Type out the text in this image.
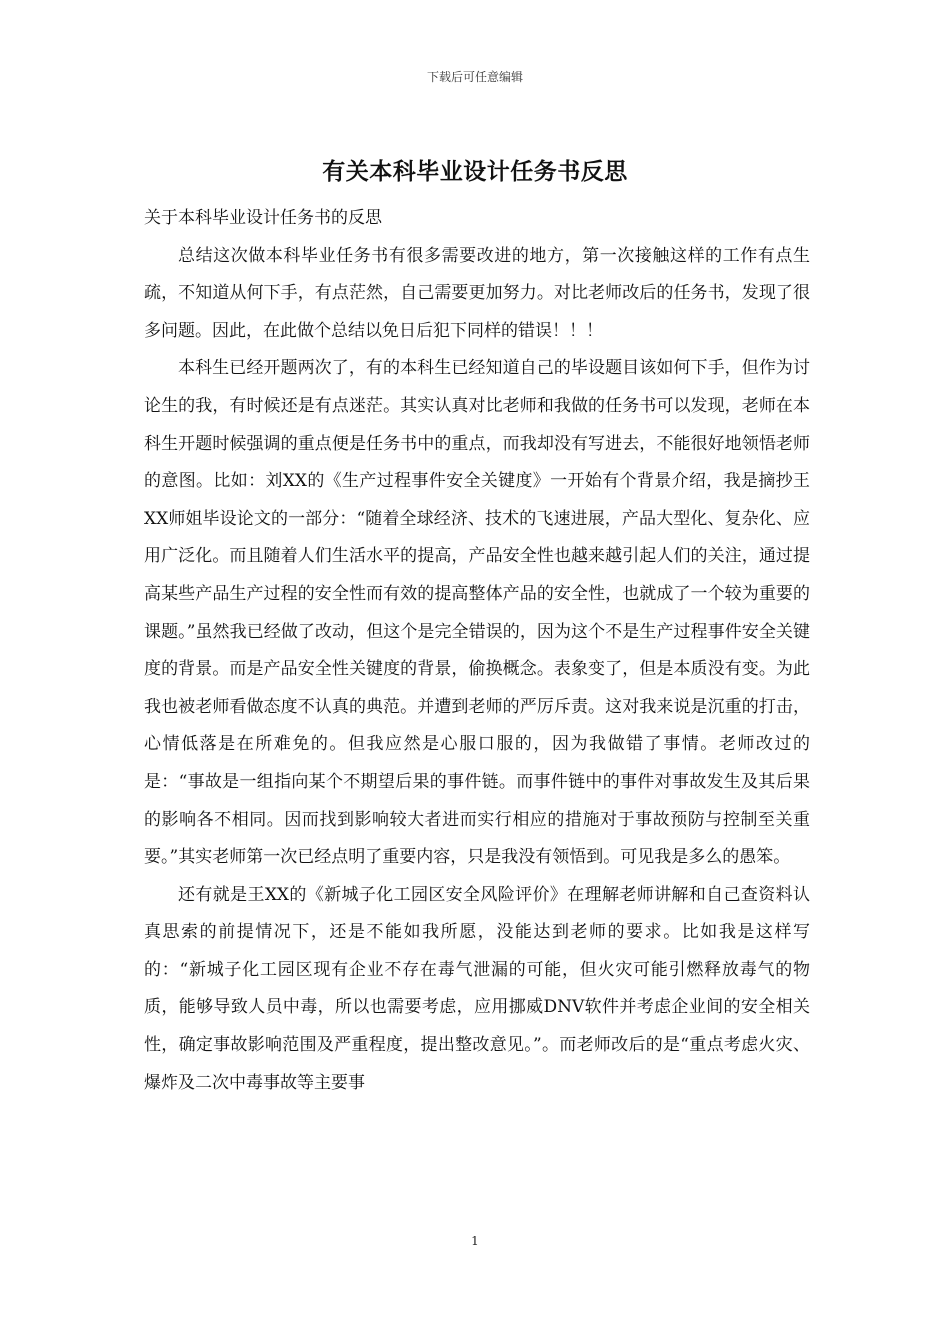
下载后可任意编辑
有关本科毕业设计任务书反思

关于本科毕业设计任务书的反思

总结这次做本科毕业任务书有很多需要改进的地方，第一次接触这样的工作有点生疏，不知道从何下手，有点茫然，自己需要更加努力。对比老师改后的任务书，发现了很多问题。因此，在此做个总结以免日后犯下同样的错误！！！

本科生已经开题两次了，有的本科生已经知道自己的毕设题目该如何下手，但作为讨论生的我，有时候还是有点迷茫。其实认真对比老师和我做的任务书可以发现，老师在本科生开题时候强调的重点便是任务书中的重点，而我却没有写进去，不能很好地领悟老师的意图。比如：刘XX的《生产过程事件安全关键度》一开始有个背景介绍，我是摘抄王XX师姐毕设论文的一部分：“随着全球经济、技术的飞速进展，产品大型化、复杂化、应用广泛化。而且随着人们生活水平的提高，产品安全性也越来越引起人们的关注，通过提高某些产品生产过程的安全性而有效的提高整体产品的安全性，也就成了一个较为重要的课题。”虽然我已经做了改动，但这个是完全错误的，因为这个不是生产过程事件安全关键度的背景。而是产品安全性关键度的背景，偷换概念。表象变了，但是本质没有变。为此我也被老师看做态度不认真的典范。并遭到老师的严厉斥责。这对我来说是沉重的打击，心情低落是在所难免的。但我应然是心服口服的，因为我做错了事情。老师改过的是：“事故是一组指向某个不期望后果的事件链。而事件链中的事件对事故发生及其后果的影响各不相同。因而找到影响较大者进而实行相应的措施对于事故预防与控制至关重要。”其实老师第一次已经点明了重要内容，只是我没有领悟到。可见我是多么的愚笨。

还有就是王XX的《新城子化工园区安全风险评价》在理解老师讲解和自己查资料认真思索的前提情况下，还是不能如我所愿，没能达到老师的要求。比如我是这样写的：“新城子化工园区现有企业不存在毒气泄漏的可能，但火灾可能引燃释放毒气的物质，能够导致人员中毒，所以也需要考虑，应用挪威DNV软件并考虑企业间的安全相关性，确定事故影响范围及严重程度，提出整改意见。”。而老师改后的是“重点考虑火灾、爆炸及二次中毒事故等主要事

1
